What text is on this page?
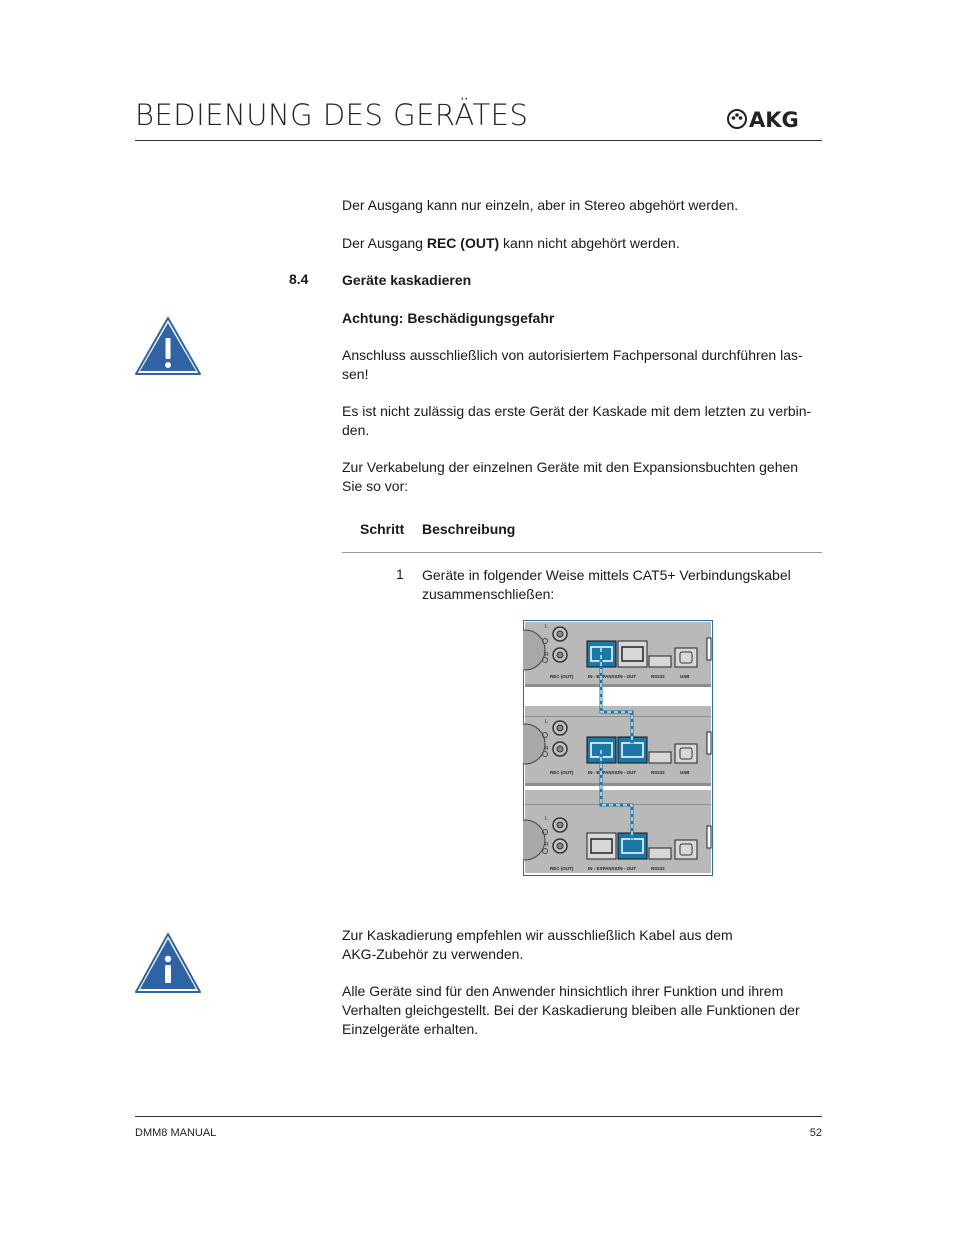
BEDIENUNG DES GERÄTES	AKG
Der Ausgang kann nur einzeln, aber in Stereo abgehört werden.
Der Ausgang REC (OUT) kann nicht abgehört werden.
8.4 Geräte kaskadieren
Achtung: Beschädigungsgefahr
Anschluss ausschließlich von autorisiertem Fachpersonal durchführen las-
sen!
Es ist nicht zulässig das erste Gerät der Kaskade mit dem letzten zu verbin-
den.
Zur Verkabelung der einzelnen Geräte mit den Expansionsbuchten gehen
Sie so vor:
Schritt Beschreibung
1 Geräte in folgender Weise mittels CAT5+ Verbindungskabel
zusammenschließen:
L
R
REC (OUT)	IN - EXPANSION - OUT	RS232	USB
L
R
REC (OUT)	IN - EXPANSION - OUT	RS232	USB
L
R
REC (OUT)	IN - EXPANSION - OUT	RS232
Zur Kaskadierung empfehlen wir ausschließlich Kabel aus dem
AKG-Zubehör zu verwenden.
Alle Geräte sind für den Anwender hinsichtlich ihrer Funktion und ihrem
Verhalten gleichgestellt. Bei der Kaskadierung bleiben alle Funktionen der
Einzelgeräte erhalten.
DMM8 MANUAL	52
